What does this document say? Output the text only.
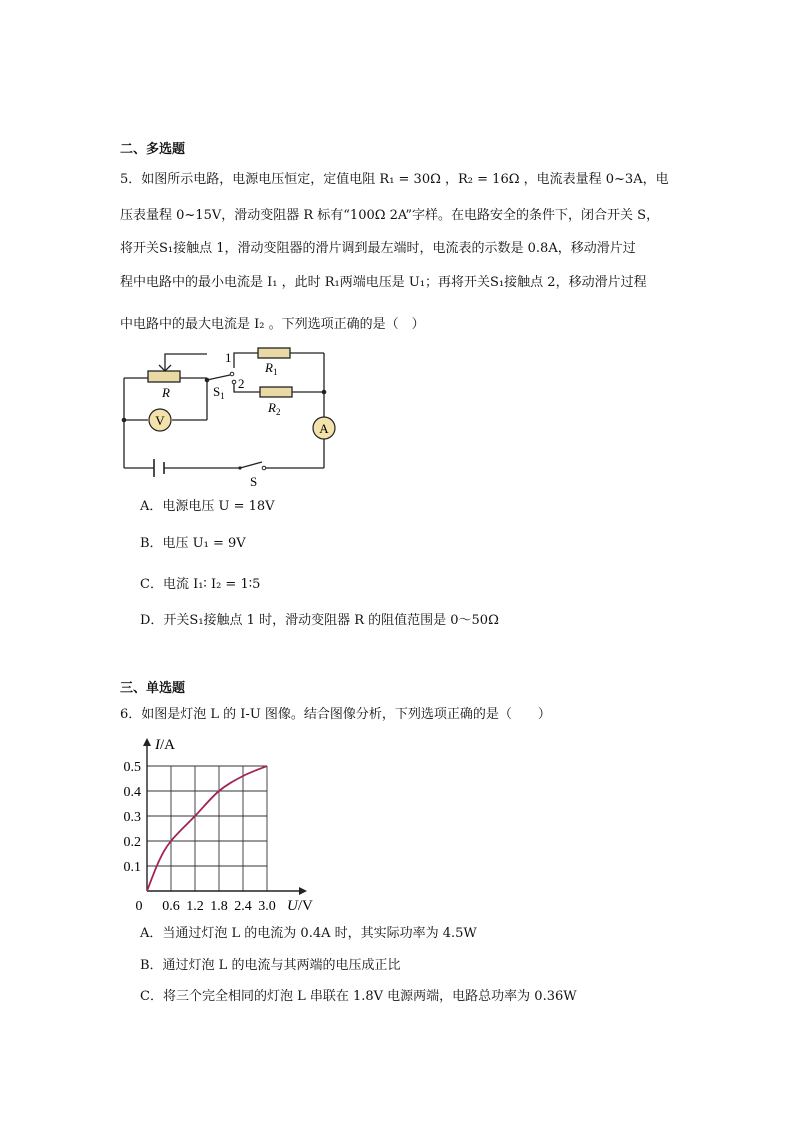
二、多选题
5．如图所示电路，电源电压恒定，定值电阻 R₁ = 30Ω ，R₂ = 16Ω ，电流表量程 0~3A，电
压表量程 0~15V，滑动变阻器 R 标有“100Ω 2A”字样。在电路安全的条件下，闭合开关 S，
将开关S₁接触点 1，滑动变阻器的滑片调到最左端时，电流表的示数是 0.8A，移动滑片过
程中电路中的最小电流是 I₁ ，此时 R₁两端电压是 U₁；再将开关S₁接触点 2，移动滑片过程
中电路中的最大电流是 I₂ 。下列选项正确的是（　）
V
A
1
2
R
$R_1$
$R_2$
$S_1$
S
A．电源电压 U = 18V
B．电压 U₁ = 9V
C．电流 I₁∶ I₂ = 1∶5
D．开关S₁接触点 1 时，滑动变阻器 R 的阻值范围是 0～50Ω
三、单选题
6．如图是灯泡 L 的 I-U 图像。结合图像分析，下列选项正确的是（　　）
0.6 1.2 1.8 2.4 3.0
0.1
0.2
0.3
0.4
0.5
I/A
U/V
0
A．当通过灯泡 L 的电流为 0.4A 时，其实际功率为 4.5W
B．通过灯泡 L 的电流与其两端的电压成正比
C．将三个完全相同的灯泡 L 串联在 1.8V 电源两端，电路总功率为 0.36W
